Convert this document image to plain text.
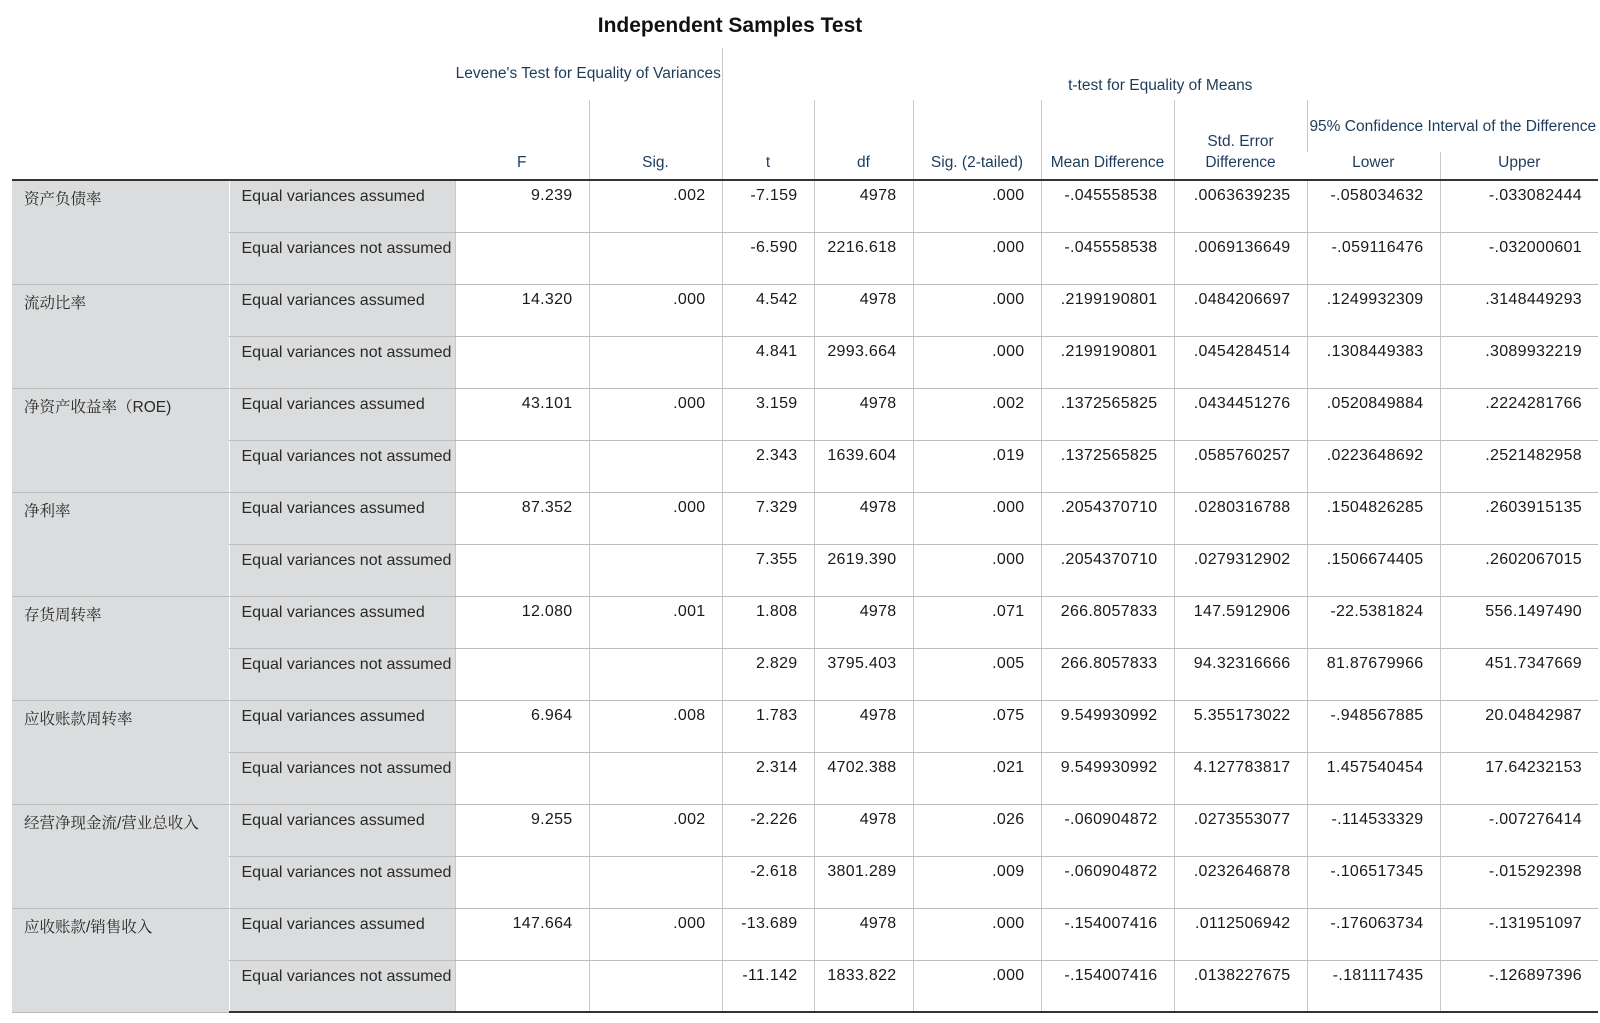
Independent Samples Test
		Levene's Test for Equality of Variances		t-test for Equality of Means						
		F	Sig.	t	df	Sig. (2-tailed)	Mean Difference	Std. Error Difference	95% Confidence Interval of the Difference	
									Lower	Upper
资产负债率	Equal variances assumed	9.239	.002	-7.159	4978	.000	-.045558538	.0063639235	-.058034632	-.033082444
	Equal variances not assumed			-6.590	2216.618	.000	-.045558538	.0069136649	-.059116476	-.032000601
流动比率	Equal variances assumed	14.320	.000	4.542	4978	.000	.2199190801	.0484206697	.1249932309	.3148449293
	Equal variances not assumed			4.841	2993.664	.000	.2199190801	.0454284514	.1308449383	.3089932219
净资产收益率（ROE)	Equal variances assumed	43.101	.000	3.159	4978	.002	.1372565825	.0434451276	.0520849884	.2224281766
	Equal variances not assumed			2.343	1639.604	.019	.1372565825	.0585760257	.0223648692	.2521482958
净利率	Equal variances assumed	87.352	.000	7.329	4978	.000	.2054370710	.0280316788	.1504826285	.2603915135
	Equal variances not assumed			7.355	2619.390	.000	.2054370710	.0279312902	.1506674405	.2602067015
存货周转率	Equal variances assumed	12.080	.001	1.808	4978	.071	266.8057833	147.5912906	-22.5381824	556.1497490
	Equal variances not assumed			2.829	3795.403	.005	266.8057833	94.32316666	81.87679966	451.7347669
应收账款周转率	Equal variances assumed	6.964	.008	1.783	4978	.075	9.549930992	5.355173022	-.948567885	20.04842987
	Equal variances not assumed			2.314	4702.388	.021	9.549930992	4.127783817	1.457540454	17.64232153
经营净现金流/营业总收入	Equal variances assumed	9.255	.002	-2.226	4978	.026	-.060904872	.0273553077	-.114533329	-.007276414
	Equal variances not assumed			-2.618	3801.289	.009	-.060904872	.0232646878	-.106517345	-.015292398
应收账款/销售收入	Equal variances assumed	147.664	.000	-13.689	4978	.000	-.154007416	.0112506942	-.176063734	-.131951097
	Equal variances not assumed			-11.142	1833.822	.000	-.154007416	.0138227675	-.181117435	-.126897396
